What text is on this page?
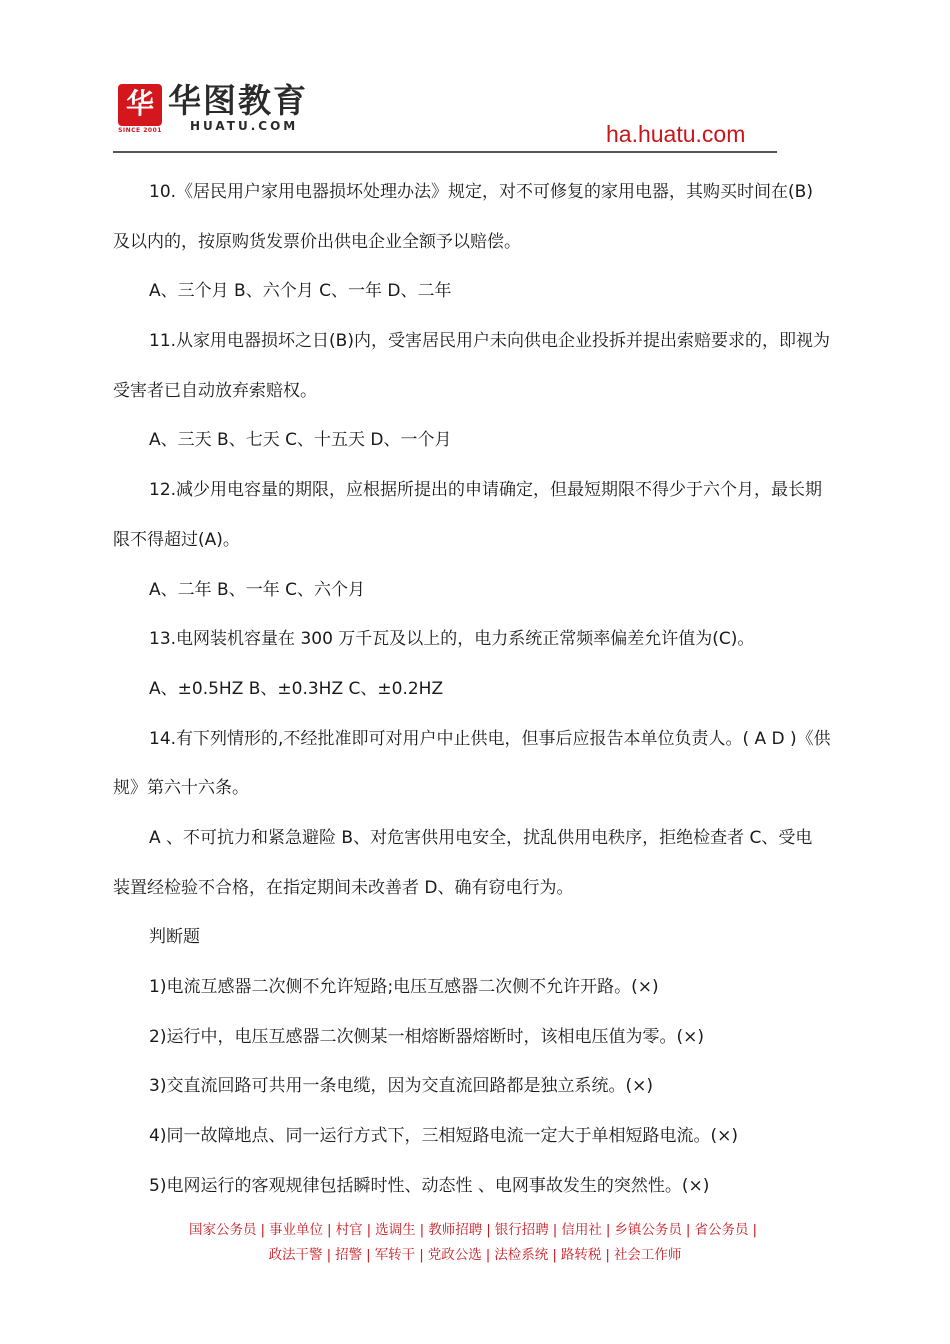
华
SINCE 2001
华图教育
HUATU.COM	ha.huatu.com
10.《居民用户家用电器损坏处理办法》规定，对不可修复的家用电器，其购买时间在(B)
及以内的，按原购货发票价出供电企业全额予以赔偿。
A、三个月 B、六个月 C、一年 D、二年
11.从家用电器损坏之日(B)内，受害居民用户未向供电企业投拆并提出索赔要求的，即视为
受害者已自动放弃索赔权。
A、三天 B、七天 C、十五天 D、一个月
12.减少用电容量的期限，应根据所提出的申请确定，但最短期限不得少于六个月，最长期
限不得超过(A)。
A、二年 B、一年 C、六个月
13.电网装机容量在 300 万千瓦及以上的，电力系统正常频率偏差允许值为(C)。
A、±0.5HZ B、±0.3HZ C、±0.2HZ
14.有下列情形的,不经批准即可对用户中止供电，但事后应报告本单位负责人。( A D )《供
规》第六十六条。
A 、不可抗力和紧急避险 B、对危害供用电安全，扰乱供用电秩序，拒绝检查者 C、受电
装置经检验不合格，在指定期间未改善者 D、确有窃电行为。
判断题
1)电流互感器二次侧不允许短路;电压互感器二次侧不允许开路。(×)
2)运行中，电压互感器二次侧某一相熔断器熔断时，该相电压值为零。(×)
3)交直流回路可共用一条电缆，因为交直流回路都是独立系统。(×)
4)同一故障地点、同一运行方式下，三相短路电流一定大于单相短路电流。(×)
5)电网运行的客观规律包括瞬时性、动态性 、电网事故发生的突然性。(×)
国家公务员 | 事业单位 | 村官 | 选调生 | 教师招聘 | 银行招聘 | 信用社 | 乡镇公务员 | 省公务员 |
政法干警 | 招警 | 军转干 | 党政公选 | 法检系统 | 路转税 | 社会工作师
